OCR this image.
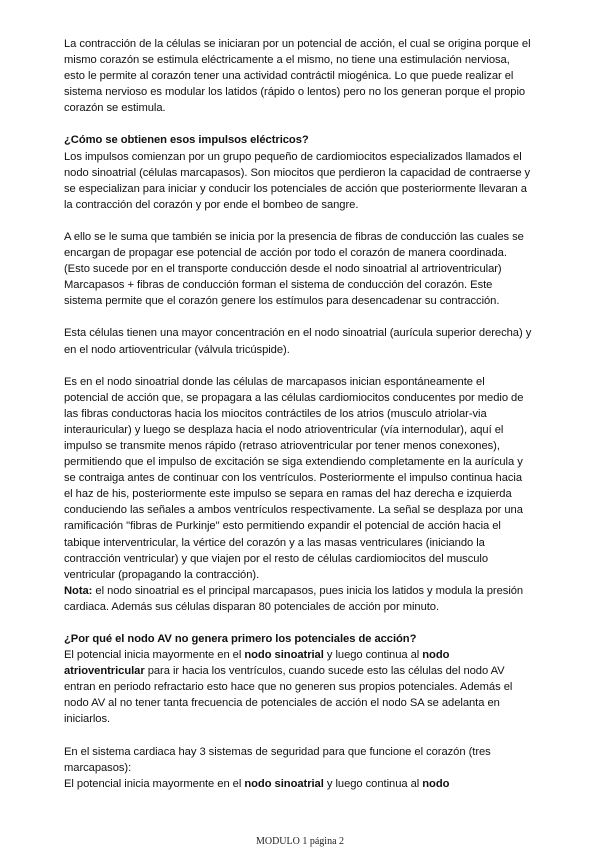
La contracción de la células se iniciaran por un potencial de acción, el cual se origina porque el mismo corazón se estimula eléctricamente a el mismo, no tiene una estimulación nerviosa, esto le permite al corazón tener una actividad contráctil miogénica. Lo que puede realizar el sistema nervioso es modular los latidos (rápido o lentos) pero no los generan porque el propio corazón se estimula.

¿Cómo se obtienen esos impulsos eléctricos?

Los impulsos comienzan por un grupo pequeño de cardiomiocitos especializados llamados el nodo sinoatrial (células marcapasos). Son miocitos que perdieron la capacidad de contraerse y se especializan para iniciar y conducir los potenciales de acción que posteriormente llevaran a la contracción del corazón y por ende el bombeo de sangre.

A ello se le suma que también se inicia por la presencia de fibras de conducción las cuales se encargan de propagar ese potencial de acción por todo el corazón de manera coordinada. (Esto sucede por en el transporte conducción desde el nodo sinoatrial al artrioventricular)

Marcapasos + fibras de conducción forman el sistema de conducción del corazón. Este sistema permite que el corazón genere los estímulos para desencadenar su contracción.

Esta células tienen una mayor concentración en el nodo sinoatrial (aurícula superior derecha) y en el nodo artioventricular (válvula tricúspide).

Es en el nodo sinoatrial donde las células de marcapasos inician espontáneamente el potencial de acción que, se propagara a las células cardiomiocitos conducentes por medio de las fibras conductoras hacia los miocitos contráctiles de los atrios (musculo atriolar-via interauricular) y luego se desplaza hacia el nodo atrioventricular (vía internodular), aquí el impulso se transmite menos rápido (retraso atrioventricular por tener menos conexones), permitiendo que el impulso de excitación se siga extendiendo completamente en la aurícula y se contraiga antes de continuar con los ventrículos. Posteriormente el impulso continua hacia el haz de his, posteriormente este impulso se separa en ramas del haz derecha e izquierda conduciendo las señales a ambos ventrículos respectivamente. La señal se desplaza por una ramificación "fibras de Purkinje" esto permitiendo expandir el potencial de acción hacia el tabique interventricular, la vértice del corazón y a las masas ventriculares (iniciando la contracción ventricular) y que viajen por el resto de células cardiomiocitos del musculo ventricular (propagando la contracción).

Nota: el nodo sinoatrial es el principal marcapasos, pues inicia los latidos y modula la presión cardiaca. Además sus células disparan 80 potenciales de acción por minuto.

¿Por qué el nodo AV no genera primero los potenciales de acción?

El potencial inicia mayormente en el nodo sinoatrial y luego continua al nodo atrioventricular para ir hacia los ventrículos, cuando sucede esto las células del nodo AV entran en periodo refractario esto hace que no generen sus propios potenciales. Además el nodo AV al no tener tanta frecuencia de potenciales de acción el nodo SA se adelanta en iniciarlos.

En el sistema cardiaca hay 3 sistemas de seguridad para que funcione el corazón (tres marcapasos):

El potencial inicia mayormente en el nodo sinoatrial y luego continua al nodo

MODULO 1 página 2
